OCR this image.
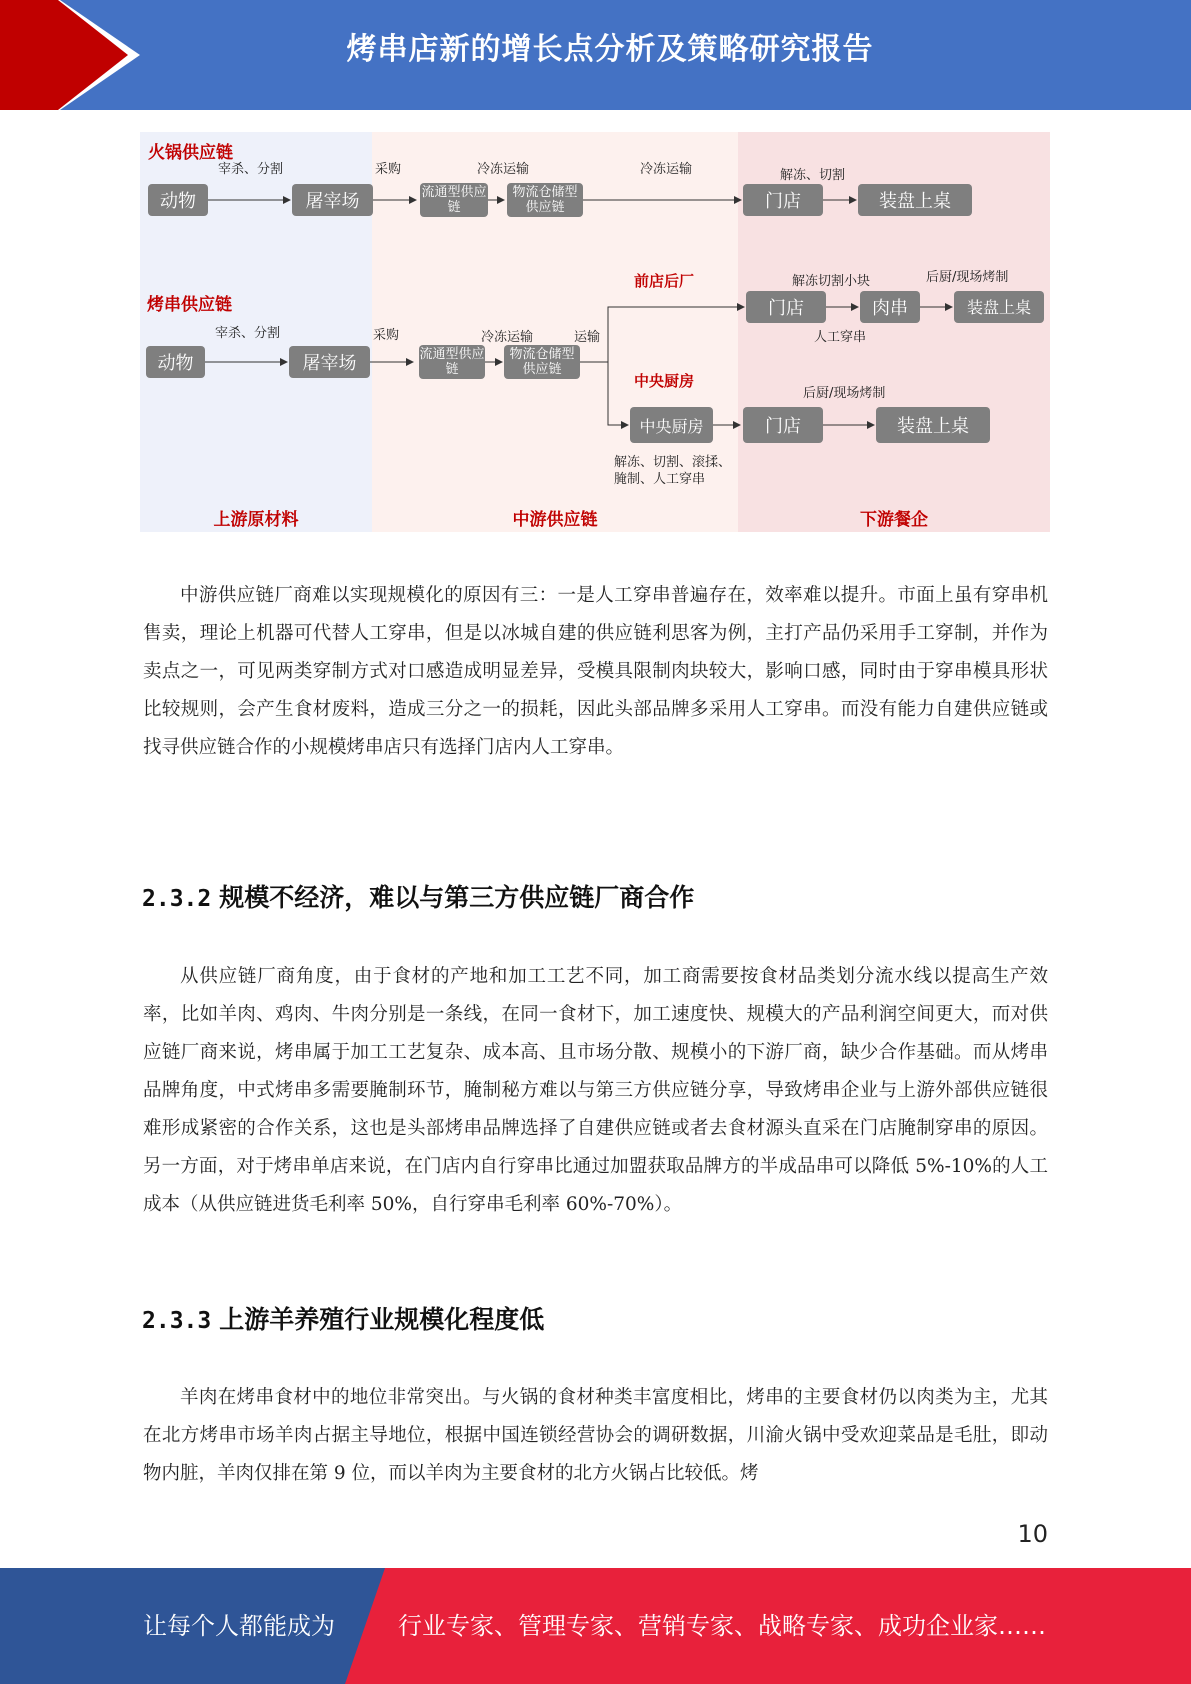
烤串店新的增长点分析及策略研究报告
上游原材料	中游供应链	下游餐企
火锅供应链
宰杀、分割	采购	冷冻运输	冷冻运输	解冻、切割
动物	屠宰场	流通型供应链
物流仓储型供应链	门店	装盘上桌
烤串供应链
宰杀、分割	采购	冷冻运输	运输
前店后厂
中央厨房
动物	屠宰场	流通型供应链
物流仓储型供应链
解冻切割小块	后厨/现场烤制
门店	肉串	装盘上桌
人工穿串
后厨/现场烤制
中央厨房	门店	装盘上桌
解冻、切割、滚揉、腌制、人工穿串

中游供应链厂商难以实现规模化的原因有三：一是人工穿串普遍存在，效率难以提升。市面上虽有穿串机售卖，理论上机器可代替人工穿串，但是以冰城自建的供应链利思客为例，主打产品仍采用手工穿制，并作为卖点之一，可见两类穿制方式对口感造成明显差异，受模具限制肉块较大，影响口感，同时由于穿串模具形状比较规则，会产生食材废料，造成三分之一的损耗，因此头部品牌多采用人工穿串。而没有能力自建供应链或找寻供应链合作的小规模烤串店只有选择门店内人工穿串。

2.3.2 规模不经济，难以与第三方供应链厂商合作

从供应链厂商角度，由于食材的产地和加工工艺不同，加工商需要按食材品类划分流水线以提高生产效率，比如羊肉、鸡肉、牛肉分别是一条线，在同一食材下，加工速度快、规模大的产品利润空间更大，而对供应链厂商来说，烤串属于加工工艺复杂、成本高、且市场分散、规模小的下游厂商，缺少合作基础。而从烤串品牌角度，中式烤串多需要腌制环节，腌制秘方难以与第三方供应链分享，导致烤串企业与上游外部供应链很难形成紧密的合作关系，这也是头部烤串品牌选择了自建供应链或者去食材源头直采在门店腌制穿串的原因。另一方面，对于烤串单店来说，在门店内自行穿串比通过加盟获取品牌方的半成品串可以降低 5%-10%的人工成本（从供应链进货毛利率 50%，自行穿串毛利率 60%-70%）。

2.3.3 上游羊养殖行业规模化程度低

羊肉在烤串食材中的地位非常突出。与火锅的食材种类丰富度相比，烤串的主要食材仍以肉类为主，尤其在北方烤串市场羊肉占据主导地位，根据中国连锁经营协会的调研数据，川渝火锅中受欢迎菜品是毛肚，即动物内脏，羊肉仅排在第 9 位，而以羊肉为主要食材的北方火锅占比较低。烤

10
让每个人都能成为	行业专家、管理专家、营销专家、战略专家、成功企业家……
